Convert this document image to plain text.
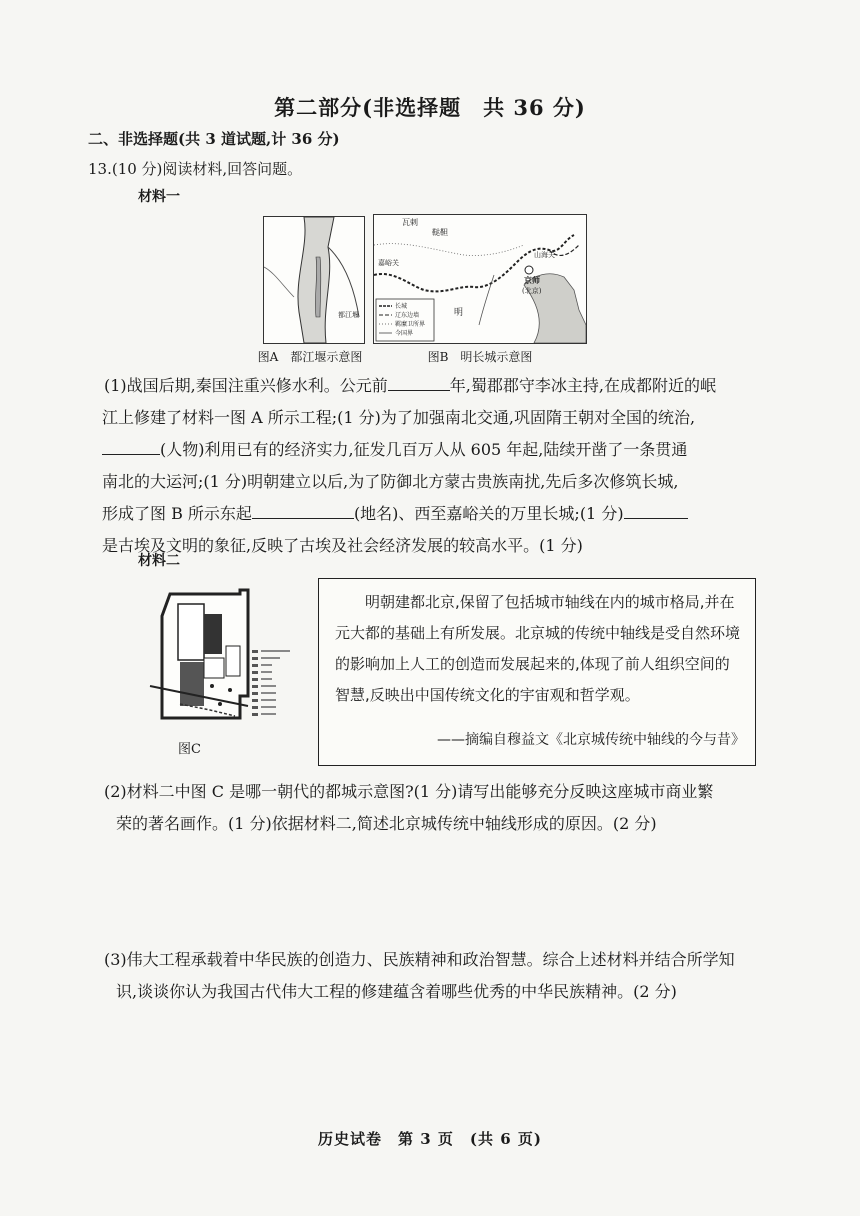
第二部分(非选择题　共 36 分)
二、非选择题(共 3 道试题,计 36 分)
13.(10 分)阅读材料,回答问题。
材料一
都江堰
图A　都江堰示意图
瓦剌
鞑靼
嘉峪关
山海关
京师
(北京)
明
长城
辽东边墙
羁縻卫所界
今国界
图B　明长城示意图
(1)战国后期,秦国注重兴修水利。公元前	年,蜀郡郡守李冰主持,在成都附近的岷
江上修建了材料一图 A 所示工程;(1 分)为了加强南北交通,巩固隋王朝对全国的统治,
(人物)利用已有的经济实力,征发几百万人从 605 年起,陆续开凿了一条贯通
南北的大运河;(1 分)明朝建立以后,为了防御北方蒙古贵族南扰,先后多次修筑长城,
形成了图 B 所示东起	(地名)、西至嘉峪关的万里长城;(1 分)
是古埃及文明的象征,反映了古埃及社会经济发展的较高水平。(1 分)
材料二
图C
明朝建都北京,保留了包括城市轴线在内的城市格局,并在元大都的基础上有所发展。北京城的传统中轴线是受自然环境的影响加上人工的创造而发展起来的,体现了前人组织空间的智慧,反映出中国传统文化的宇宙观和哲学观。
——摘编自穆益文《北京城传统中轴线的今与昔》
(2)材料二中图 C 是哪一朝代的都城示意图?(1 分)请写出能够充分反映这座城市商业繁
荣的著名画作。(1 分)依据材料二,简述北京城传统中轴线形成的原因。(2 分)
(3)伟大工程承载着中华民族的创造力、民族精神和政治智慧。综合上述材料并结合所学知
识,谈谈你认为我国古代伟大工程的修建蕴含着哪些优秀的中华民族精神。(2 分)
历史试卷　第 3 页　(共 6 页)
